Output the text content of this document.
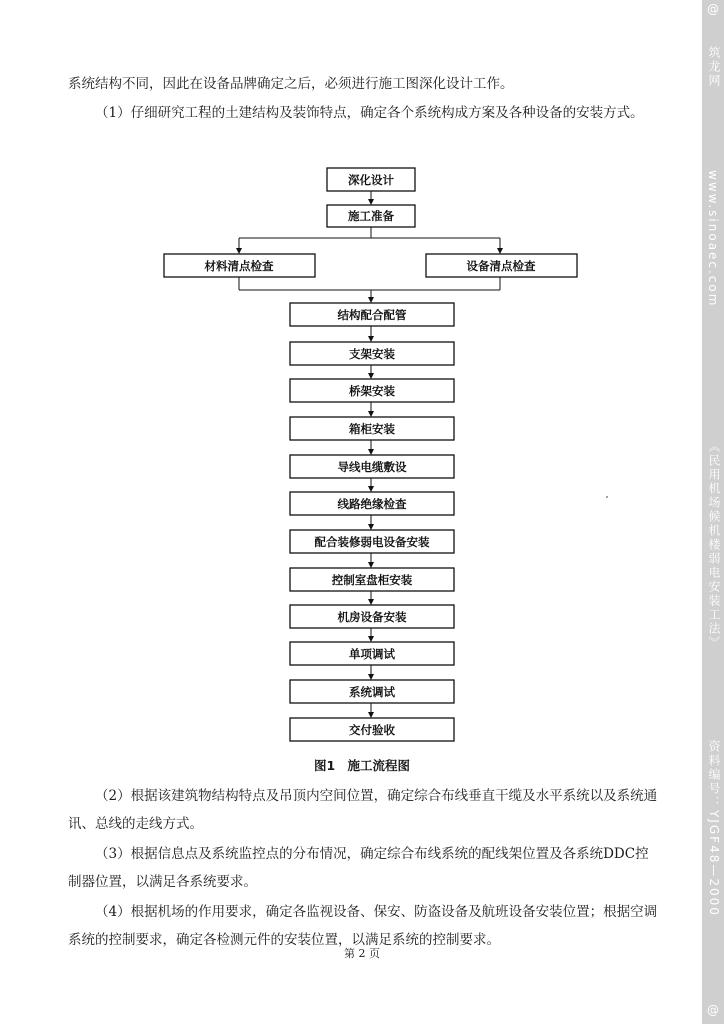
系统结构不同，因此在设备品牌确定之后，必须进行施工图深化设计工作。

（1）仔细研究工程的土建结构及装饰特点，确定各个系统构成方案及各种设备的安装方式。

深化设计
施工准备
材料清点检查	设备清点检查
结构配合配管
支架安装
桥架安装
箱柜安装
导线电缆敷设
线路绝缘检查
配合装修弱电设备安装
控制室盘柜安装
机房设备安装
单项调试
系统调试
交付验收
图1 施工流程图

（2）根据该建筑物结构特点及吊顶内空间位置，确定综合布线垂直干缆及水平系统以及系统通讯、总线的走线方式。

（3）根据信息点及系统监控点的分布情况，确定综合布线系统的配线架位置及各系统DDC控制器位置，以满足各系统要求。

（4）根据机场的作用要求，确定各监视设备、保安、防盗设备及航班设备安装位置；根据空调系统的控制要求，确定各检测元件的安装位置，以满足系统的控制要求。

第 2 页
@
筑龙网
www.sinoaec.com
《民用机场候机楼弱电安装工法》
资料编号：YJGF48—2000
@
